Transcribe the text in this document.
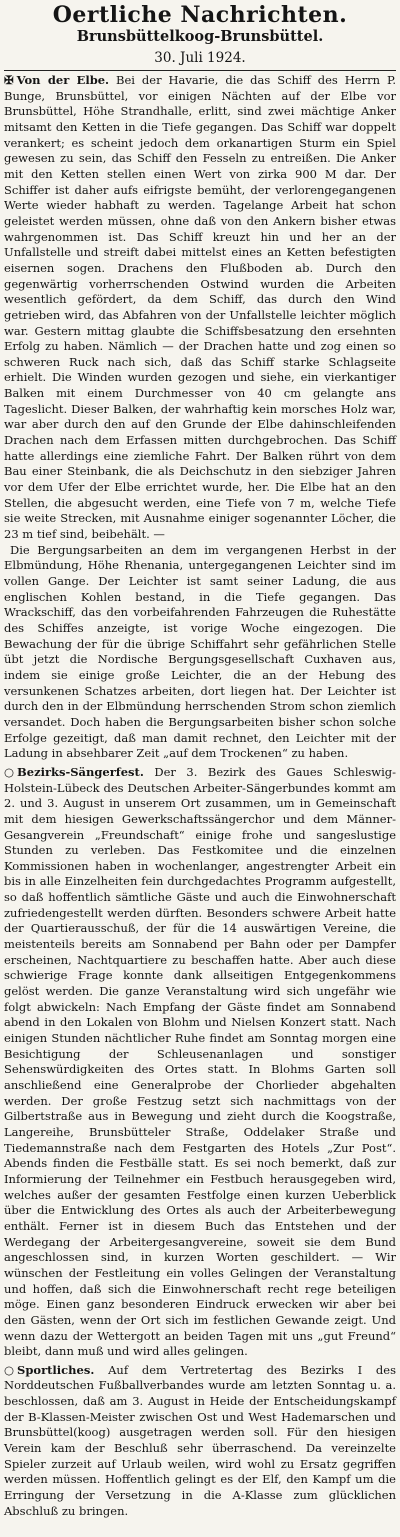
Oertliche Nachrichten.
Brunsbüttelkoog-Brunsbüttel.
30. Juli 1924.

✠ Von der Elbe. Bei der Havarie, die das Schiff des Herrn P. Bunge, Brunsbüttel, vor einigen Nächten auf der Elbe vor Brunsbüttel, Höhe Strandhalle, erlitt, sind zwei mächtige Anker mitsamt den Ketten in die Tiefe gegangen. Das Schiff war doppelt verankert; es scheint jedoch dem orkanartigen Sturm ein Spiel gewesen zu sein, das Schiff den Fesseln zu entreißen. Die Anker mit den Ketten stellen einen Wert von zirka 900 M dar. Der Schiffer ist daher aufs eifrigste bemüht, der verlorengegangenen Werte wieder habhaft zu werden. Tagelange Arbeit hat schon geleistet werden müssen, ohne daß von den Ankern bisher etwas wahrgenommen ist. Das Schiff kreuzt hin und her an der Unfallstelle und streift dabei mittelst eines an Ketten befestigten eisernen sogen. Drachens den Flußboden ab. Durch den gegenwärtig vorherrschenden Ostwind wurden die Arbeiten wesentlich gefördert, da dem Schiff, das durch den Wind getrieben wird, das Abfahren von der Unfallstelle leichter möglich war. Gestern mittag glaubte die Schiffsbesatzung den ersehnten Erfolg zu haben. Nämlich — der Drachen hatte und zog einen so schweren Ruck nach sich, daß das Schiff starke Schlagseite erhielt. Die Winden wurden gezogen und siehe, ein vierkantiger Balken mit einem Durchmesser von 40 cm gelangte ans Tageslicht. Dieser Balken, der wahrhaftig kein morsches Holz war, war aber durch den auf den Grunde der Elbe dahinschleifenden Drachen nach dem Erfassen mitten durchgebrochen. Das Schiff hatte allerdings eine ziemliche Fahrt. Der Balken rührt von dem Bau einer Steinbank, die als Deichschutz in den siebziger Jahren vor dem Ufer der Elbe errichtet wurde, her. Die Elbe hat an den Stellen, die abgesucht werden, eine Tiefe von 7 m, welche Tiefe sie weite Strecken, mit Ausnahme einiger sogenannter Löcher, die 23 m tief sind, beibehält. —

Die Bergungsarbeiten an dem im vergangenen Herbst in der Elbmündung, Höhe Rhenania, untergegangenen Leichter sind im vollen Gange. Der Leichter ist samt seiner Ladung, die aus englischen Kohlen bestand, in die Tiefe gegangen. Das Wrackschiff, das den vorbeifahrenden Fahrzeugen die Ruhestätte des Schiffes anzeigte, ist vorige Woche eingezogen. Die Bewachung der für die übrige Schiffahrt sehr gefährlichen Stelle übt jetzt die Nordische Bergungsgesellschaft Cuxhaven aus, indem sie einige große Leichter, die an der Hebung des versunkenen Schatzes arbeiten, dort liegen hat. Der Leichter ist durch den in der Elbmündung herrschenden Strom schon ziemlich versandet. Doch haben die Bergungsarbeiten bisher schon solche Erfolge gezeitigt, daß man damit rechnet, den Leichter mit der Ladung in absehbarer Zeit „auf dem Trockenen“ zu haben.

○ Bezirks-Sängerfest. Der 3. Bezirk des Gaues Schleswig-Holstein-Lübeck des Deutschen Arbeiter-Sängerbundes kommt am 2. und 3. August in unserem Ort zusammen, um in Gemeinschaft mit dem hiesigen Gewerkschaftssängerchor und dem Männer-Gesangverein „Freundschaft“ einige frohe und sangeslustige Stunden zu verleben. Das Festkomitee und die einzelnen Kommissionen haben in wochenlanger, angestrengter Arbeit ein bis in alle Einzelheiten fein durchgedachtes Programm aufgestellt, so daß hoffentlich sämtliche Gäste und auch die Einwohnerschaft zufriedengestellt werden dürften. Besonders schwere Arbeit hatte der Quartierausschuß, der für die 14 auswärtigen Vereine, die meistenteils bereits am Sonnabend per Bahn oder per Dampfer erscheinen, Nachtquartiere zu beschaffen hatte. Aber auch diese schwierige Frage konnte dank allseitigen Entgegenkommens gelöst werden. Die ganze Veranstaltung wird sich ungefähr wie folgt abwickeln: Nach Empfang der Gäste findet am Sonnabend abend in den Lokalen von Blohm und Nielsen Konzert statt. Nach einigen Stunden nächtlicher Ruhe findet am Sonntag morgen eine Besichtigung der Schleusenanlagen und sonstiger Sehenswürdigkeiten des Ortes statt. In Blohms Garten soll anschließend eine Generalprobe der Chorlieder abgehalten werden. Der große Festzug setzt sich nachmittags von der Gilbertstraße aus in Bewegung und zieht durch die Koogstraße, Langereihe, Brunsbütteler Straße, Oddelaker Straße und Tiedemannstraße nach dem Festgarten des Hotels „Zur Post“. Abends finden die Festbälle statt. Es sei noch bemerkt, daß zur Informierung der Teilnehmer ein Festbuch herausgegeben wird, welches außer der gesamten Festfolge einen kurzen Ueberblick über die Entwicklung des Ortes als auch der Arbeiterbewegung enthält. Ferner ist in diesem Buch das Entstehen und der Werdegang der Arbeitergesangvereine, soweit sie dem Bund angeschlossen sind, in kurzen Worten geschildert. — Wir wünschen der Festleitung ein volles Gelingen der Veranstaltung und hoffen, daß sich die Einwohnerschaft recht rege beteiligen möge. Einen ganz besonderen Eindruck erwecken wir aber bei den Gästen, wenn der Ort sich im festlichen Gewande zeigt. Und wenn dazu der Wettergott an beiden Tagen mit uns „gut Freund“ bleibt, dann muß und wird alles gelingen.

○ Sportliches. Auf dem Vertretertag des Bezirks I des Norddeutschen Fußballverbandes wurde am letzten Sonntag u. a. beschlossen, daß am 3. August in Heide der Entscheidungskampf der B-Klassen-Meister zwischen Ost und West Hademarschen und Brunsbüttel(koog) ausgetragen werden soll. Für den hiesigen Verein kam der Beschluß sehr überraschend. Da vereinzelte Spieler zurzeit auf Urlaub weilen, wird wohl zu Ersatz gegriffen werden müssen. Hoffentlich gelingt es der Elf, den Kampf um die Erringung der Versetzung in die A-Klasse zum glücklichen Abschluß zu bringen.
